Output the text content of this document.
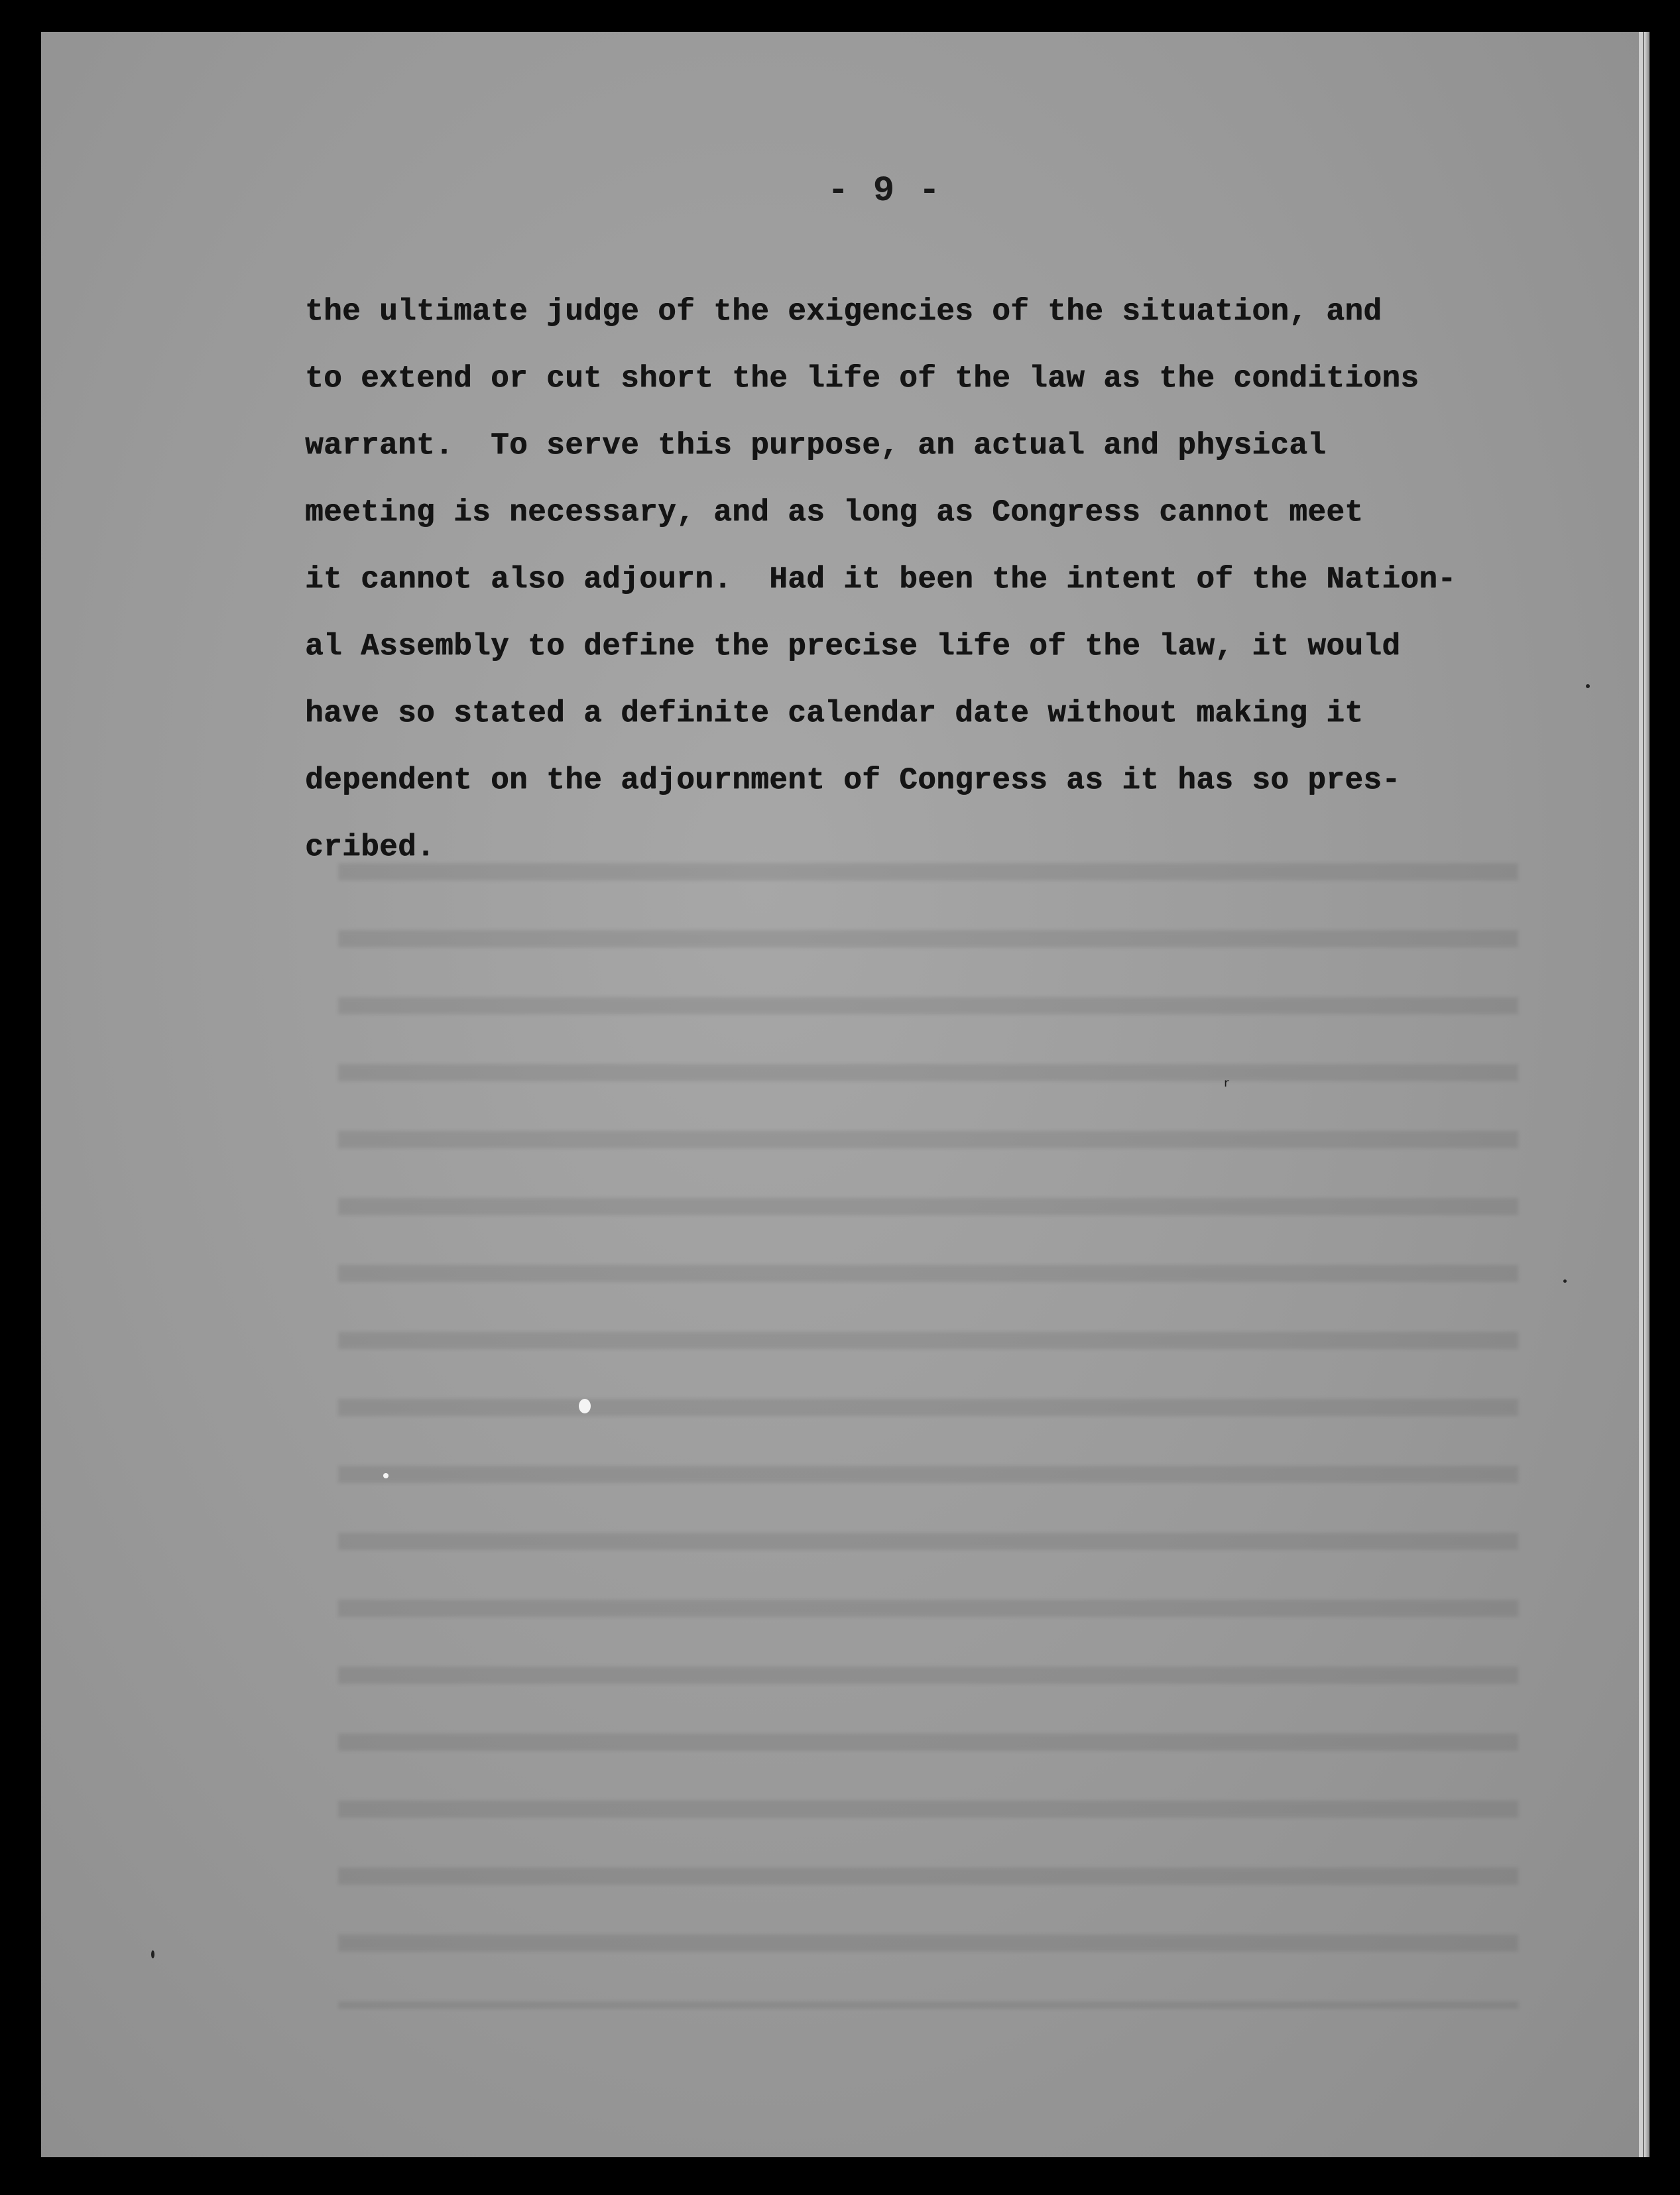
- 9 -
the ultimate judge of the exigencies of the situation, and
to extend or cut short the life of the law as the conditions
warrant.  To serve this purpose, an actual and physical
meeting is necessary, and as long as Congress cannot meet
it cannot also adjourn.  Had it been the intent of the Nation-
al Assembly to define the precise life of the law, it would
have so stated a definite calendar date without making it
dependent on the adjournment of Congress as it has so pres-
cribed.
ʳ
